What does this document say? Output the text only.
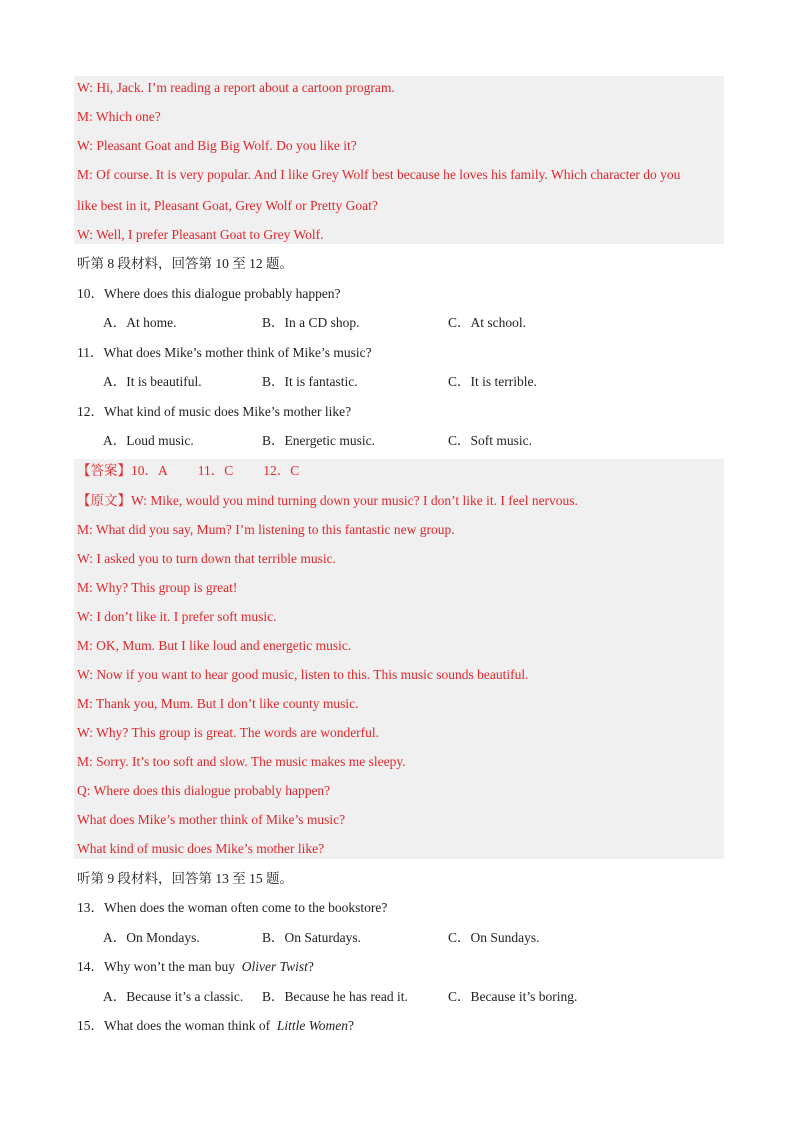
W: Hi, Jack. I’m reading a report about a cartoon program.
M: Which one?
W: Pleasant Goat and Big Big Wolf. Do you like it?
M: Of course. It is very popular. And I like Grey Wolf best because he loves his family. Which character do you
like best in it, Pleasant Goat, Grey Wolf or Pretty Goat?
W: Well, I prefer Pleasant Goat to Grey Wolf.
听第 8 段材料，回答第 10 至 12 题。
10．Where does this dialogue probably happen?
A．At home.	B．In a CD shop.	C．At school.
11．What does Mike’s mother think of Mike’s music?
A．It is beautiful.	B．It is fantastic.	C．It is terrible.
12．What kind of music does Mike’s mother like?
A．Loud music.	B．Energetic music.	C．Soft music.
【答案】10．A 11．C 12．C
【原文】W: Mike, would you mind turning down your music? I don’t like it. I feel nervous.
M: What did you say, Mum? I’m listening to this fantastic new group.
W: I asked you to turn down that terrible music.
M: Why? This group is great!
W: I don’t like it. I prefer soft music.
M: OK, Mum. But I like loud and energetic music.
W: Now if you want to hear good music, listen to this. This music sounds beautiful.
M: Thank you, Mum. But I don’t like county music.
W: Why? This group is great. The words are wonderful.
M: Sorry. It’s too soft and slow. The music makes me sleepy.
Q: Where does this dialogue probably happen?
What does Mike’s mother think of Mike’s music?
What kind of music does Mike’s mother like?
听第 9 段材料，回答第 13 至 15 题。
13．When does the woman often come to the bookstore?
A．On Mondays.	B．On Saturdays.	C．On Sundays.
14．Why won’t the man buy Oliver Twist?
A．Because it’s a classic. B．Because he has read it.	C．Because it’s boring.
15．What does the woman think of Little Women?
